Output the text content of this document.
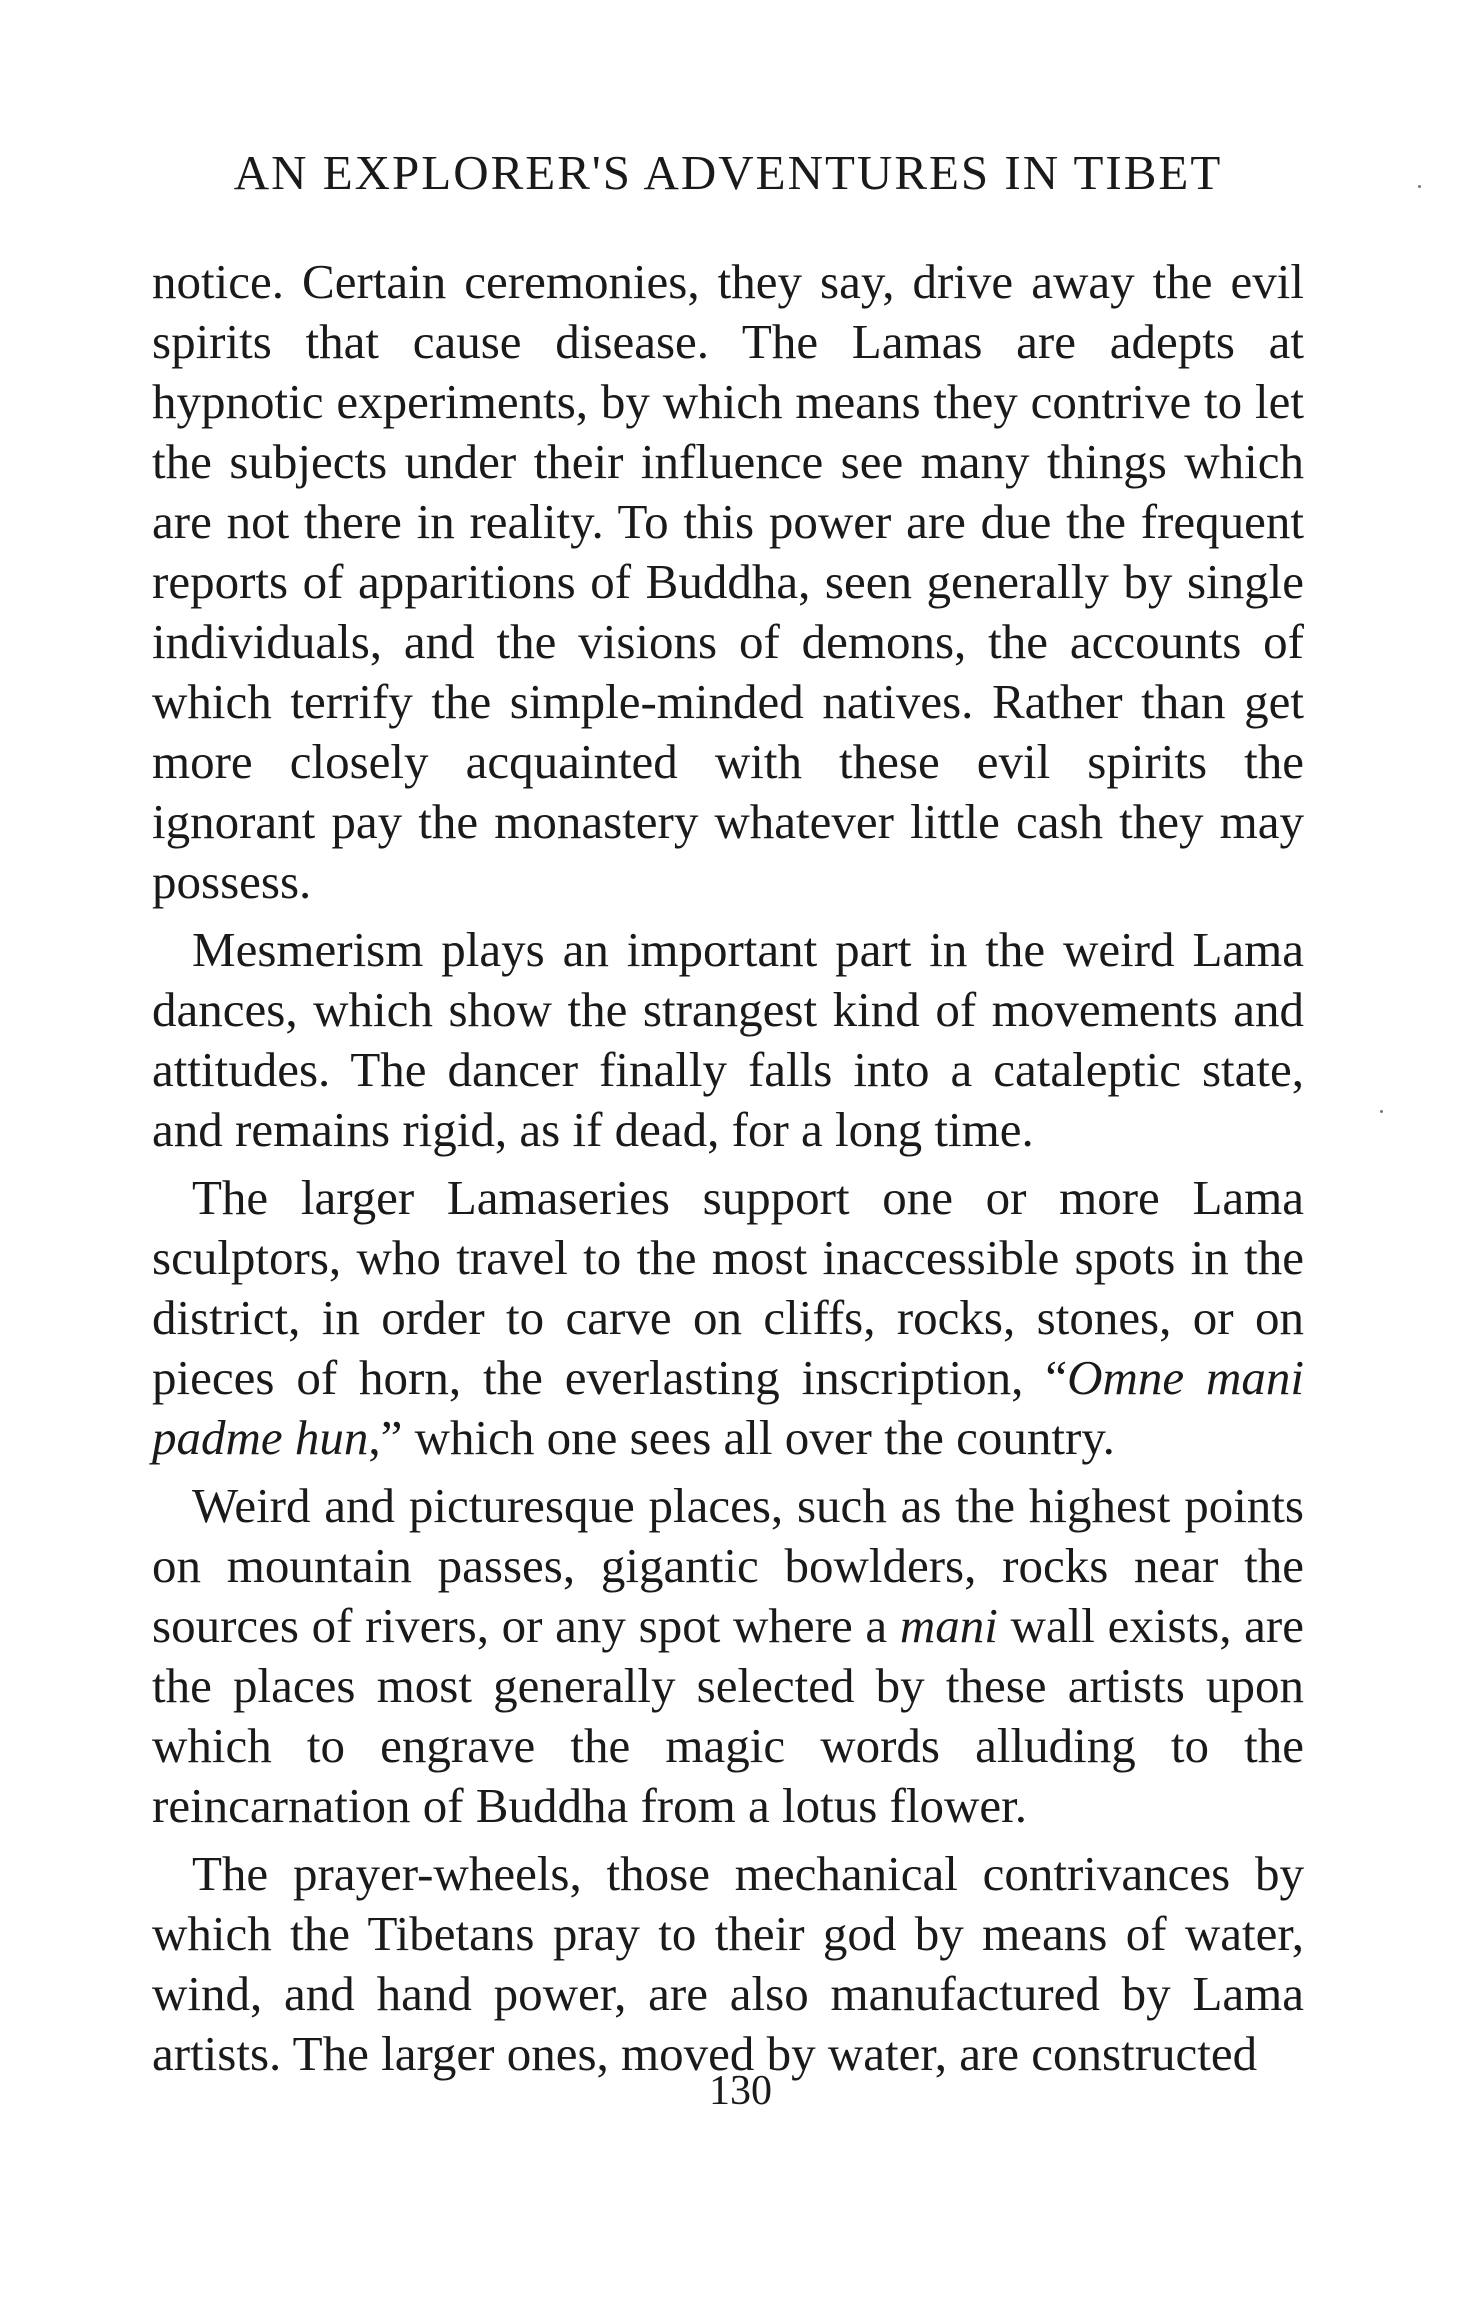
AN EXPLORER'S ADVENTURES IN TIBET

notice. Certain ceremonies, they say, drive away the evil spirits that cause disease. The Lamas are adepts at hypnotic experiments, by which means they contrive to let the subjects under their influence see many things which are not there in reality. To this power are due the frequent reports of apparitions of Buddha, seen generally by single individuals, and the visions of demons, the accounts of which terrify the simple-minded natives. Rather than get more closely acquainted with these evil spirits the ignorant pay the monastery whatever little cash they may possess.

Mesmerism plays an important part in the weird Lama dances, which show the strangest kind of movements and attitudes. The dancer finally falls into a cataleptic state, and remains rigid, as if dead, for a long time.

The larger Lamaseries support one or more Lama sculptors, who travel to the most inaccessible spots in the district, in order to carve on cliffs, rocks, stones, or on pieces of horn, the everlasting inscription, “Omne mani padme hun,” which one sees all over the country.

Weird and picturesque places, such as the highest points on mountain passes, gigantic bowlders, rocks near the sources of rivers, or any spot where a mani wall exists, are the places most generally selected by these artists upon which to engrave the magic words alluding to the reincarnation of Buddha from a lotus flower.

The prayer-wheels, those mechanical contrivances by which the Tibetans pray to their god by means of water, wind, and hand power, are also manufactured by Lama artists. The larger ones, moved by water, are constructed

130
